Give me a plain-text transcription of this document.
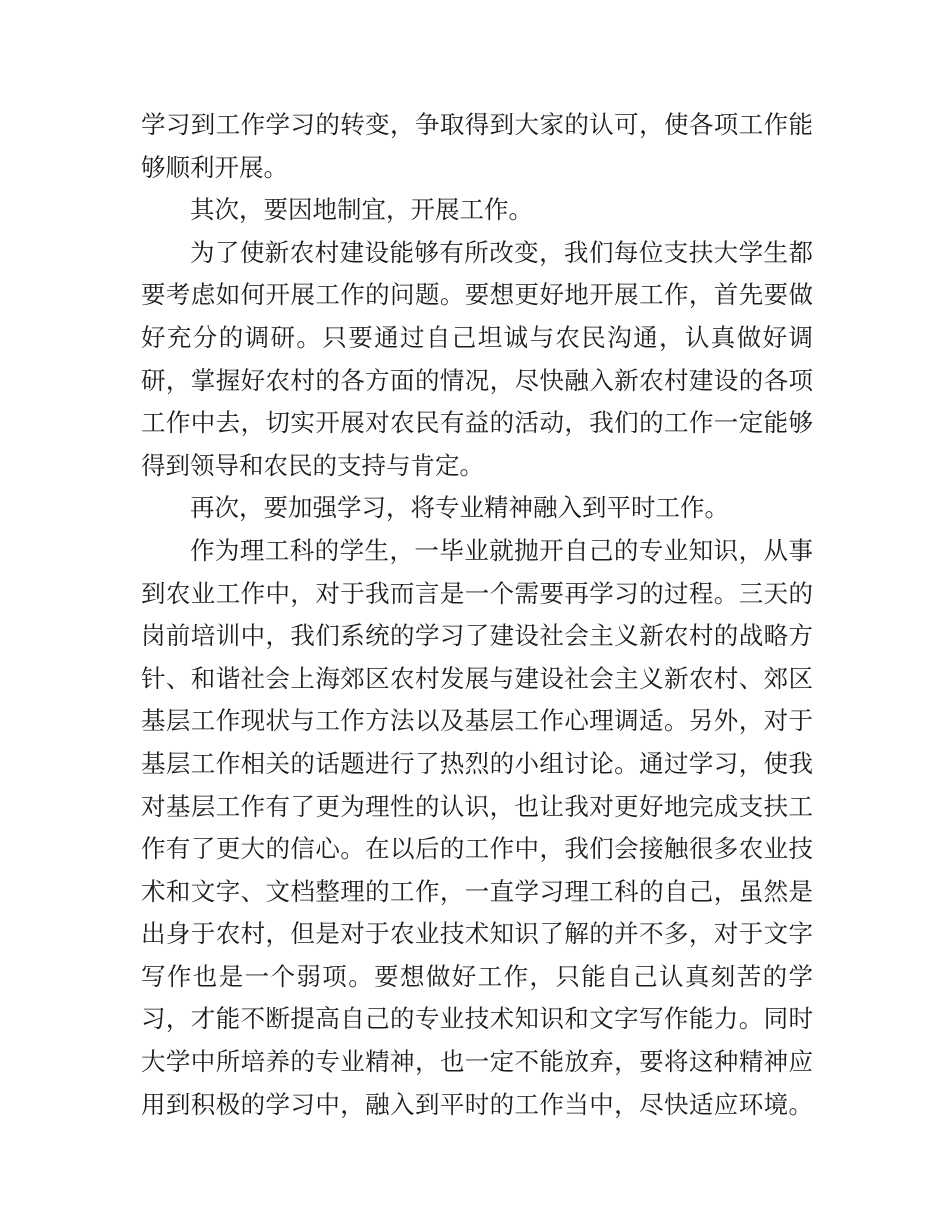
学习到工作学习的转变，争取得到大家的认可，使各项工作能
够顺利开展。
其次，要因地制宜，开展工作。
为了使新农村建设能够有所改变，我们每位支扶大学生都
要考虑如何开展工作的问题。要想更好地开展工作，首先要做
好充分的调研。只要通过自己坦诚与农民沟通，认真做好调
研，掌握好农村的各方面的情况，尽快融入新农村建设的各项
工作中去，切实开展对农民有益的活动，我们的工作一定能够
得到领导和农民的支持与肯定。
再次，要加强学习，将专业精神融入到平时工作。
作为理工科的学生，一毕业就抛开自己的专业知识，从事
到农业工作中，对于我而言是一个需要再学习的过程。三天的
岗前培训中，我们系统的学习了建设社会主义新农村的战略方
针、和谐社会上海郊区农村发展与建设社会主义新农村、郊区
基层工作现状与工作方法以及基层工作心理调适。另外，对于
基层工作相关的话题进行了热烈的小组讨论。通过学习，使我
对基层工作有了更为理性的认识，也让我对更好地完成支扶工
作有了更大的信心。在以后的工作中，我们会接触很多农业技
术和文字、文档整理的工作，一直学习理工科的自己，虽然是
出身于农村，但是对于农业技术知识了解的并不多，对于文字
写作也是一个弱项。要想做好工作，只能自己认真刻苦的学
习，才能不断提高自己的专业技术知识和文字写作能力。同时
大学中所培养的专业精神，也一定不能放弃，要将这种精神应
用到积极的学习中，融入到平时的工作当中，尽快适应环境。
